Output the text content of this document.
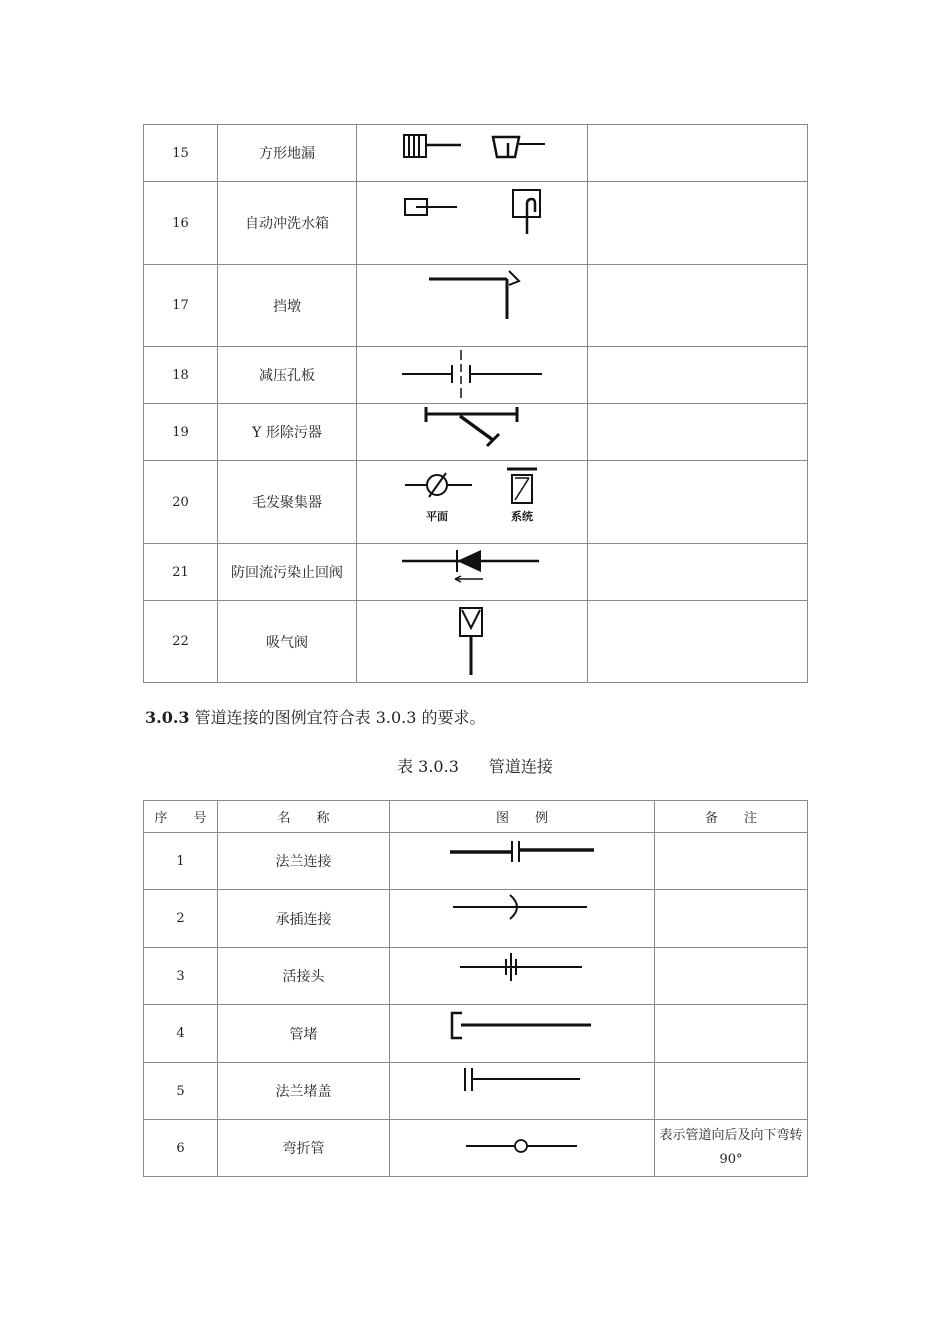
15	方形地漏	

16	自动冲洗水箱	

17	挡墩	

18	减压孔板	

19	Y 形除污器	

20	毛发聚集器	平面 系统	

21	防回流污染止回阀	

22	吸气阀	

3.0.3 管道连接的图例宜符合表 3.0.3 的要求。
表 3.0.3 管道连接
序　　号	名　　称	图　　例	备　　注
1	法兰连接	

2	承插连接	

3	活接头	

4	管堵	

5	法兰堵盖	

6	弯折管		表示管道向后及向下弯转 90°
